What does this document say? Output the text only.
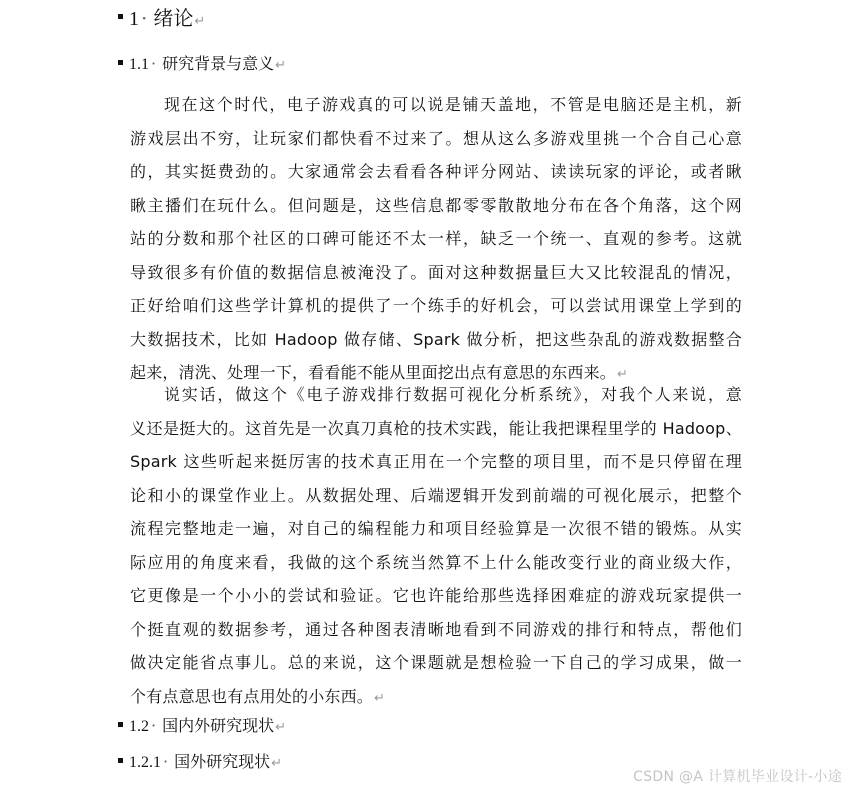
1 · 绪论 ↵
1.1 · 研究背景与意义 ↵
现在这个时代，电子游戏真的可以说是铺天盖地，不管是电脑还是主机，新
游戏层出不穷，让玩家们都快看不过来了。想从这么多游戏里挑一个合自己心意
的，其实挺费劲的。大家通常会去看看各种评分网站、读读玩家的评论，或者瞅
瞅主播们在玩什么。但问题是，这些信息都零零散散地分布在各个角落，这个网
站的分数和那个社区的口碑可能还不太一样，缺乏一个统一、直观的参考。这就
导致很多有价值的数据信息被淹没了。面对这种数据量巨大又比较混乱的情况，
正好给咱们这些学计算机的提供了一个练手的好机会，可以尝试用课堂上学到的
大数据技术，比如 Hadoop 做存储、Spark 做分析，把这些杂乱的游戏数据整合
起来，清洗、处理一下，看看能不能从里面挖出点有意思的东西来。↵
说实话，做这个《电子游戏排行数据可视化分析系统》，对我个人来说，意
义还是挺大的。这首先是一次真刀真枪的技术实践，能让我把课程里学的 Hadoop、
Spark 这些听起来挺厉害的技术真正用在一个完整的项目里，而不是只停留在理
论和小的课堂作业上。从数据处理、后端逻辑开发到前端的可视化展示，把整个
流程完整地走一遍，对自己的编程能力和项目经验算是一次很不错的锻炼。从实
际应用的角度来看，我做的这个系统当然算不上什么能改变行业的商业级大作，
它更像是一个小小的尝试和验证。它也许能给那些选择困难症的游戏玩家提供一
个挺直观的数据参考，通过各种图表清晰地看到不同游戏的排行和特点，帮他们
做决定能省点事儿。总的来说，这个课题就是想检验一下自己的学习成果，做一
个有点意思也有点用处的小东西。↵
1.2 · 国内外研究现状 ↵
1.2.1 · 国外研究现状 ↵
CSDN @A 计算机毕业设计-小途
